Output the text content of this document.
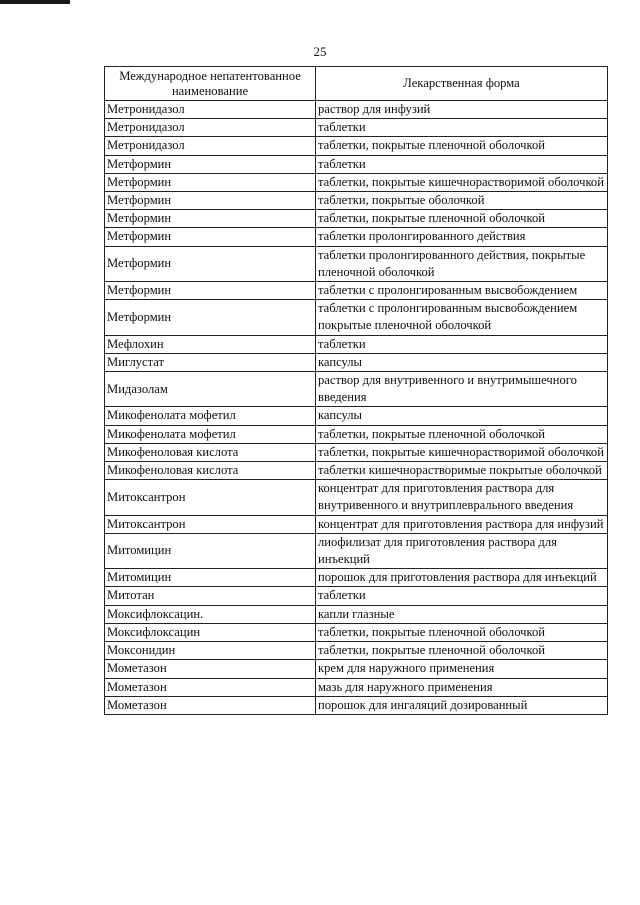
25
Международное непатентованное наименование	Лекарственная форма
Метронидазол	раствор для инфузий
Метронидазол	таблетки
Метронидазол	таблетки, покрытые пленочной оболочкой
Метформин	таблетки
Метформин	таблетки, покрытые кишечнорастворимой оболочкой
Метформин	таблетки, покрытые оболочкой
Метформин	таблетки, покрытые пленочной оболочкой
Метформин	таблетки пролонгированного действия
Метформин	таблетки пролонгированного действия, покрытые пленочной оболочкой
Метформин	таблетки с пролонгированным высвобождением
Метформин	таблетки с пролонгированным высвобождением покрытые пленочной оболочкой
Мефлохин	таблетки
Миглустат	капсулы
Мидазолам	раствор для внутривенного и внутримышечного введения
Микофенолата мофетил	капсулы
Микофенолата мофетил	таблетки, покрытые пленочной оболочкой
Микофеноловая кислота	таблетки, покрытые кишечнорастворимой оболочкой
Микофеноловая кислота	таблетки кишечнорастворимые покрытые оболочкой
Митоксантрон	концентрат для приготовления раствора для внутривенного и внутриплеврального введения
Митоксантрон	концентрат для приготовления раствора для инфузий
Митомицин	лиофилизат для приготовления раствора для инъекций
Митомицин	порошок для приготовления раствора для инъекций
Митотан	таблетки
Моксифлоксацин.	капли глазные
Моксифлоксацин	таблетки, покрытые пленочной оболочкой
Моксонидин	таблетки, покрытые пленочной оболочкой
Мометазон	крем для наружного применения
Мометазон	мазь для наружного применения
Мометазон	порошок для ингаляций дозированный
